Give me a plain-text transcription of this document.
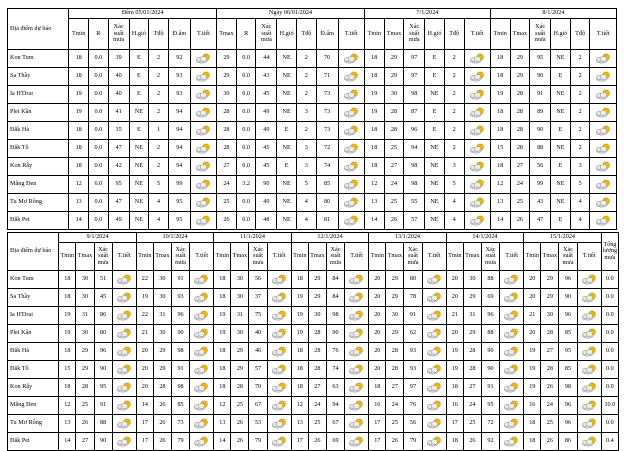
Địa điểm dự báo	Đêm 05/01/2024							Ngày 06/01/2024							7/1/2024						8/1/2024					
	Tmin	R	Xác suất mưa	H.gió	Tđộ	Đ.ẩm	T.tiết	Tmax	R	Xác suất mưa	H.gió	Tđộ	Đ.ẩm	T.tiết	Tmin	Tmax	Xác suất mưa	H.gió	Tđộ	T.tiết	Tmin	Tmax	Xác suất mưa	H.gió	Tđộ	T.tiết
Kon Tum	18	0.0	39	E	2	92		29	0.0	44	NE	2	70		18	29	97	E	2		18	29	95	NE	2	

Sa Thầy	18	0.0	40	E	2	93		29	0.0	43	NE	2	71		18	29	97	E	2		18	29	90	E	2	

Ia H'Drai	19	0.0	40	E	2	93		30	0.0	45	NE	2	73		19	30	98	NE	2		19	28	91	NE	2	

Plei Kần	19	0.0	41	NE	2	94		28	0.0	49	NE	3	73		19	28	87	E	2		18	28	89	NE	2	

Đăk Hà	18	0.0	35	E	1	94		28	0.0	49	E	2	73		18	28	96	E	2		18	28	90	E	2	

Đăk Tô	18	0.0	47	NE	2	94		28	0.0	45	NE	3	72		18	25	94	NE	2		15	28	88	NE	2	

Kon Rẫy	18	0.0	42	NE	2	94		27	0.0	45	E	3	74		18	27	98	NE	3		18	27	56	E	3	

Măng Đen	12	6.0	95	NE	5	99		24	3.2	90	NE	5	85		12	24	98	NE	5		12	24	99	NE	5	

Tu Mơ Rông	13	0.0	47	NE	4	95		25	0.0	49	NE	4	80		13	25	55	NE	4		13	25	43	NE	4	

Đăk Pet	14	0.0	49	NE	4	95		26	0.0	48	NE	4	81		14	26	57	NE	4		14	26	47	E	4	
Địa điểm dự báo	9/1/2024				10/1/2024				11/1/2024				12/1/2024				13/1/2024				14/1/2024				15/1/2024				Tổng lượng mưa
	Tmin	Tmax	Xác suất mưa	T.tiết	Tmin	Tmax	Xác suất mưa	T.tiết	Tmin	Tmax	Xác suất mưa	T.tiết	Tmin	Tmax	Xác suất mưa	T.tiết	Tmin	Tmax	Xác suất mưa	T.tiết	Tmin	Tmax	Xác suất mưa	T.tiết	Tmin	Tmax	Xác suất mưa	T.tiết	
Kon Tum	18	30	51		22	30	91		18	30	56		18	29	84		20	29	80		20	30	88		20	29	96		0.0
Sa Thầy	18	30	45		19	30	93		18	30	37		19	29	84		20	29	78		20	29	69		20	29	90		0.0
Ia H'Drai	19	31	86		22	31	96		19	31	75		19	30	98		20	30	91		21	31	96		21	30	96		0.0
Plei Kần	19	30	80		21	30	90		19	30	40		19	28	90		20	29	62		20	29	88		20	28	85		0.0
Đăk Hà	18	29	96		20	29	98		18	29	46		18	28	76		20	28	93		19	28	90		19	27	95		0.0
Đăk Tô	15	29	90		20	29	91		18	29	57		18	28	74		20	28	93		19	28	90		19	28	85		0.0
Kon Rẫy	18	28	95		20	28	98		18	28	70		18	27	63		18	27	97		18	27	91		19	26	98		0.0
Măng Đen	12	25	91		14	26	85		12	25	67		12	24	94		16	24	76		16	24	95		16	24	96		10.0
Tu Mơ Rông	13	26	88		17	26	73		13	26	53		13	25	67		17	25	56		17	25	72		18	25	96		0.0
Đăk Pet	14	27	90		17	26	79		14	26	79		17	26	69		17	26	79		18	26	92		18	26	86		0.4
